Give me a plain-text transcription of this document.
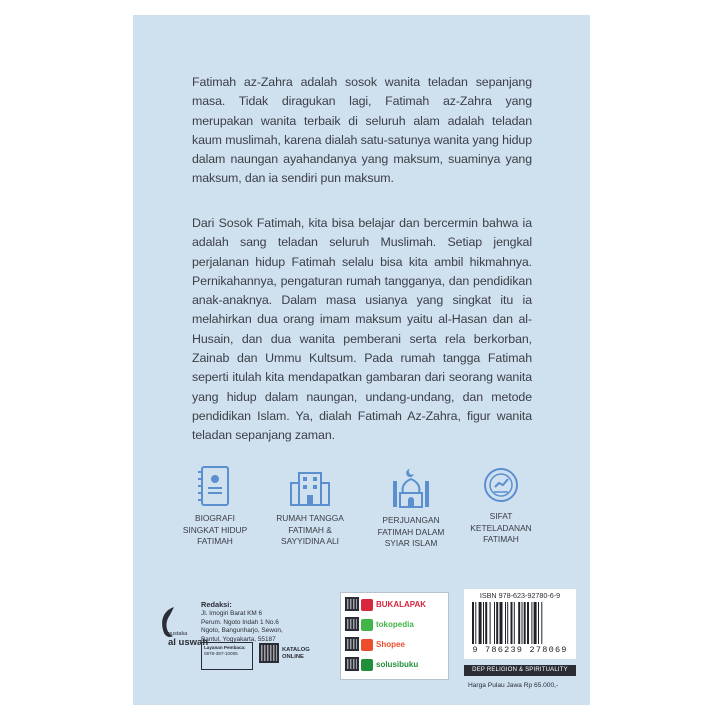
Fatimah az-Zahra adalah sosok wanita teladan sepanjang masa. Tidak diragukan lagi, Fatimah az-Zahra yang merupakan wanita terbaik di seluruh alam adalah teladan kaum muslimah, karena dialah satu-satunya wanita yang hidup dalam naungan ayahandanya yang maksum, suaminya yang maksum, dan ia sendiri pun maksum.

Dari Sosok Fatimah, kita bisa belajar dan bercermin bahwa ia adalah sang teladan seluruh Muslimah. Setiap jengkal perjalanan hidup Fatimah selalu bisa kita ambil hikmahnya. Pernikahannya, pengaturan rumah tangganya, dan pendidikan anak-anaknya. Dalam masa usianya yang singkat itu ia melahirkan dua orang imam maksum yaitu al-Hasan dan al-Husain, dan dua wanita pemberani serta rela berkorban, Zainab dan Ummu Kultsum. Pada rumah tangga Fatimah seperti itulah kita mendapatkan gambaran dari seorang wanita yang hidup dalam naungan, undang-undang, dan metode pendidikan Islam. Ya, dialah Fatimah Az-Zahra, figur wanita teladan sepanjang zaman.

BIOGRAFI
SINGKAT HIDUP
FATIMAH
RUMAH TANGGA
FATIMAH &
SAYYIDINA ALI
PERJUANGAN
FATIMAH DALAM
SYIAR ISLAM
SIFAT
KETELADANAN
FATIMAH
pustaka
al uswah
Redaksi:
Jl. Imogiri Barat KM 6
Perum. Ngoto Indah 1 No.6
Ngoto, Bangunharjo, Sewon,
Bantul, Yogyakarta, 55187
Layanan Pembaca:
0878-397-10005
KATALOG
ONLINE
BUKALAPAK
tokopedia
Shopee
solusibuku
ISBN 978-623-92780-6-9
9 786239 278069
DEP RELIGION & SPIRITUALITY
Harga Pulau Jawa Rp 65.000,-
